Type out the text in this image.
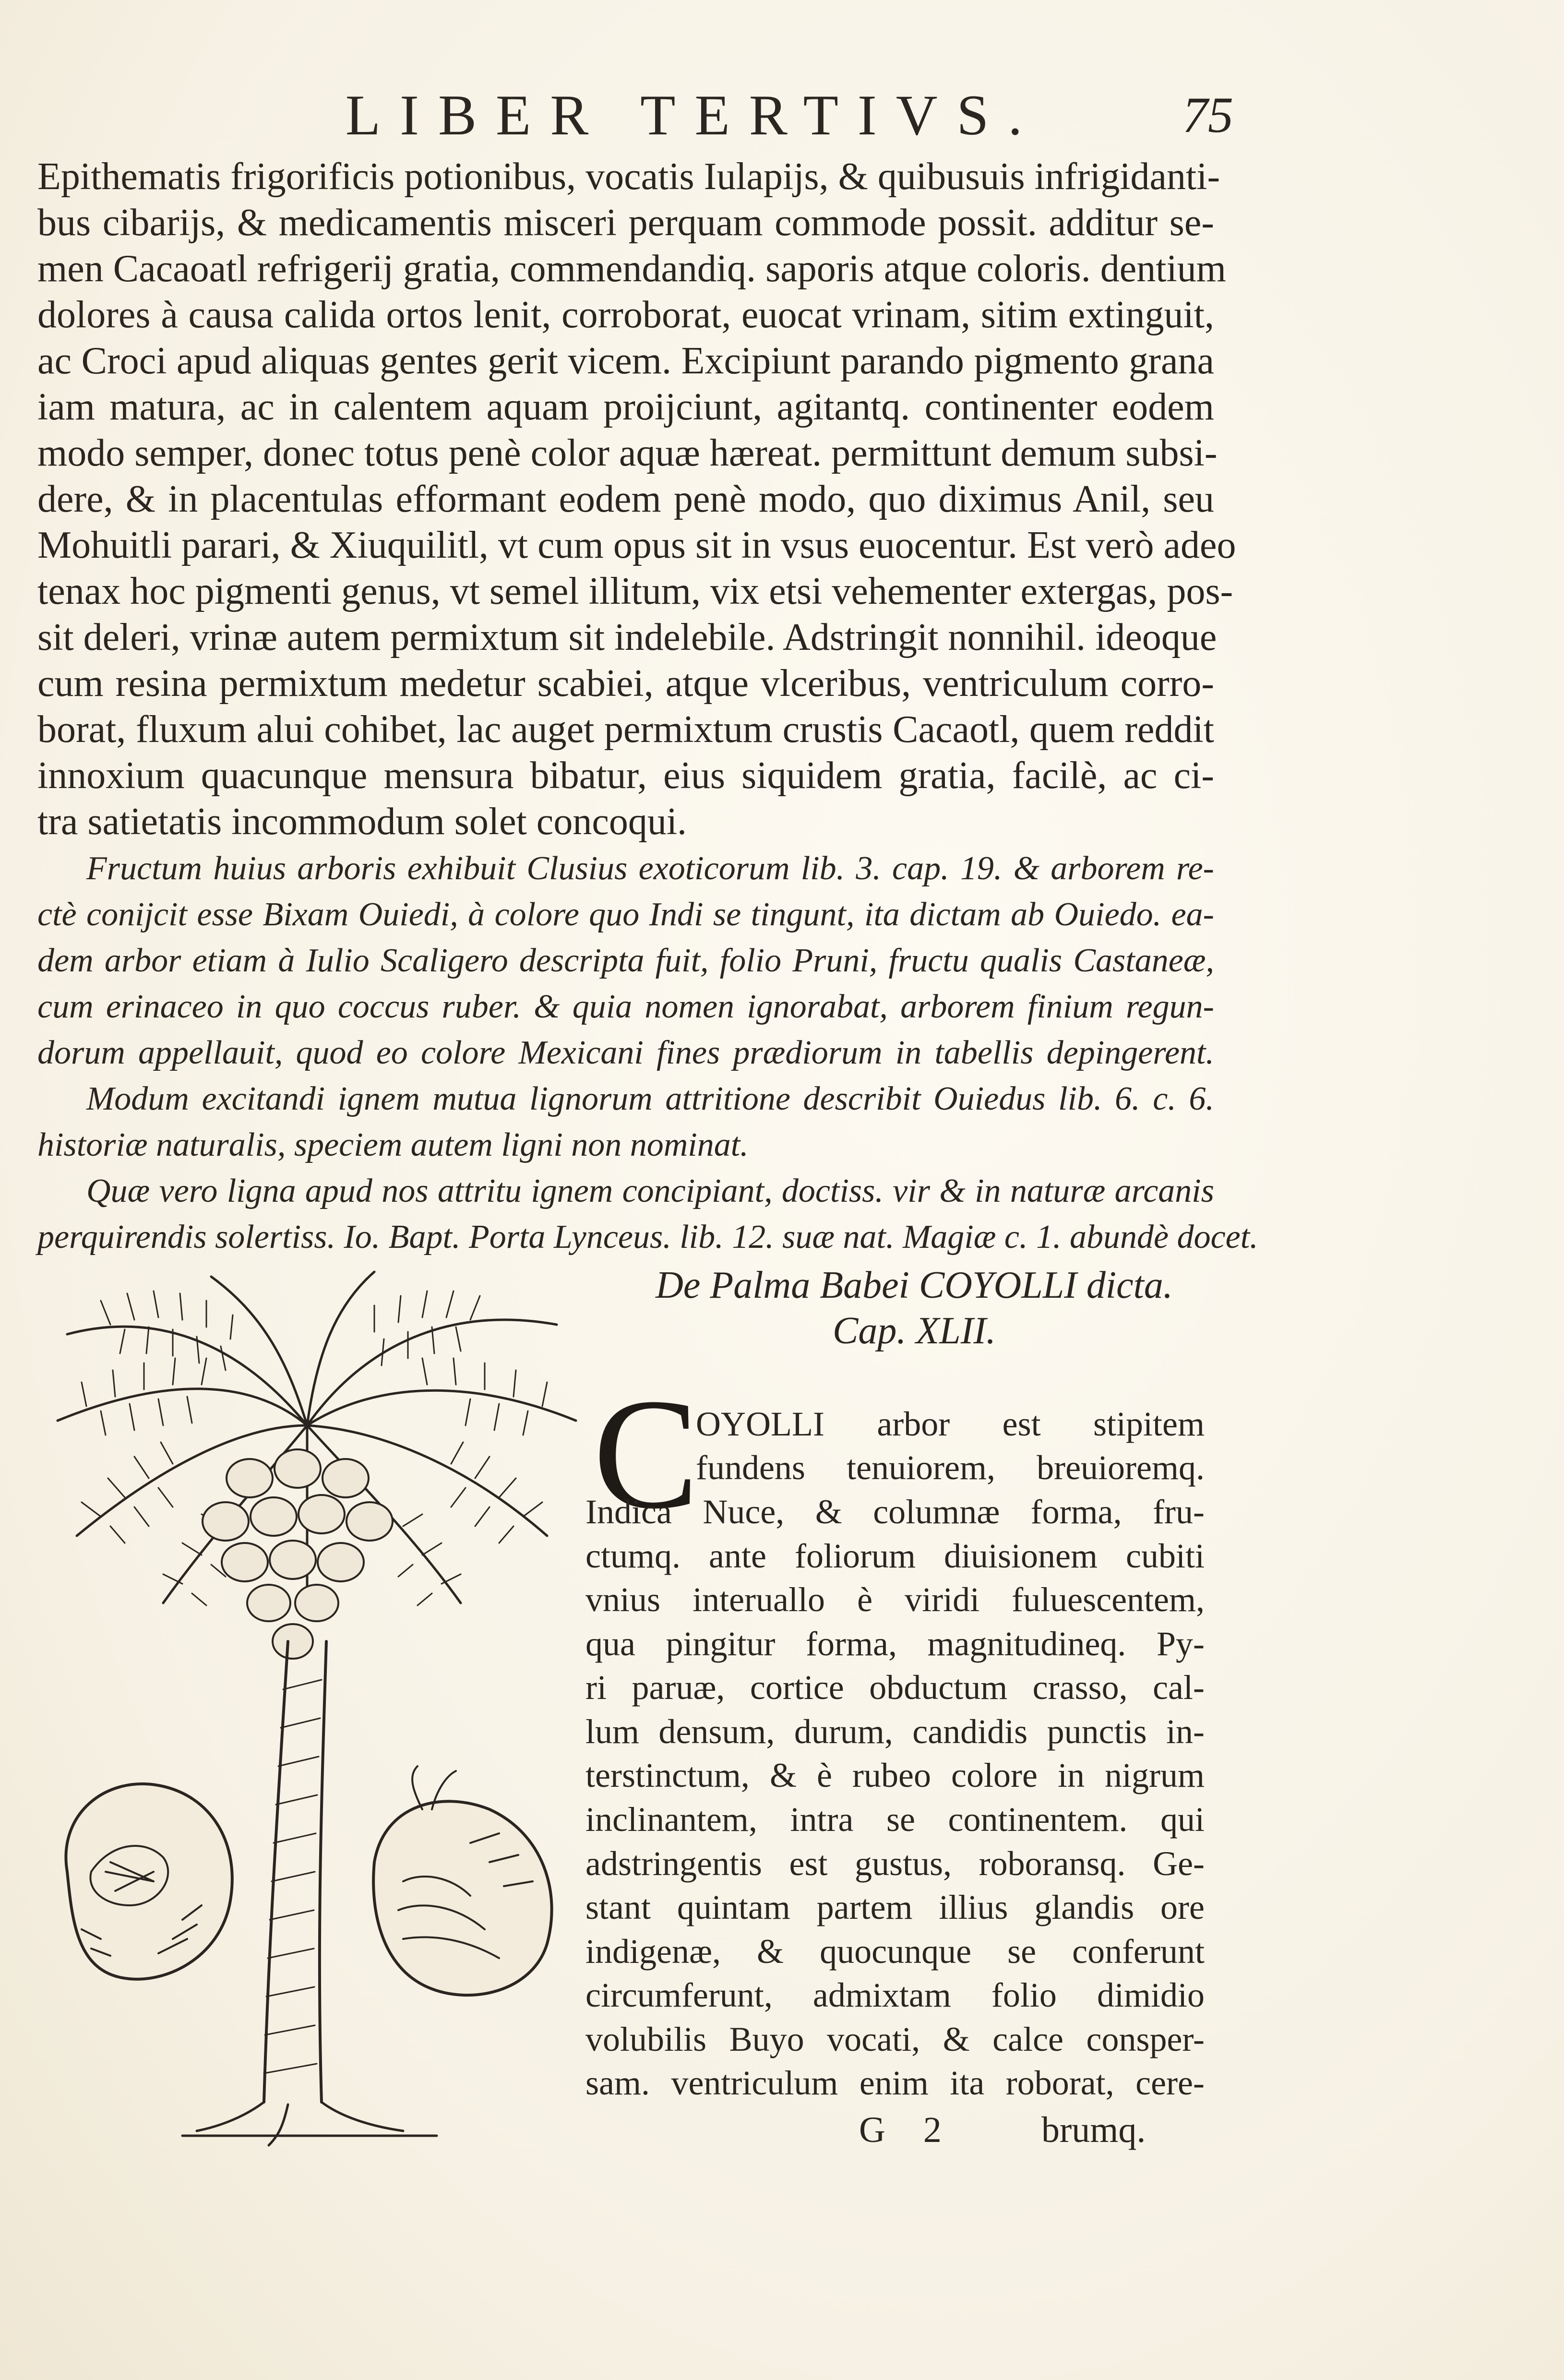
LIBER TERTIVS.	75
Epithematis frigorificis potionibus, vocatis Iulapijs, & quibusuis infrigidanti-
bus cibarijs, & medicamentis misceri perquam commode possit. additur se-
men Cacaoatl refrigerij gratia, commendandiq. saporis atque coloris. dentium
dolores à causa calida ortos lenit, corroborat, euocat vrinam, sitim extinguit,
ac Croci apud aliquas gentes gerit vicem. Excipiunt parando pigmento grana
iam matura, ac in calentem aquam proijciunt, agitantq. continenter eodem
modo semper, donec totus penè color aquæ hæreat. permittunt demum subsi-
dere, & in placentulas efformant eodem penè modo, quo diximus Anil, seu
Mohuitli parari, & Xiuquilitl, vt cum opus sit in vsus euocentur. Est verò adeo
tenax hoc pigmenti genus, vt semel illitum, vix etsi vehementer extergas, pos-
sit deleri, vrinæ autem permixtum sit indelebile. Adstringit nonnihil. ideoque
cum resina permixtum medetur scabiei, atque vlceribus, ventriculum corro-
borat, fluxum alui cohibet, lac auget permixtum crustis Cacaotl, quem reddit
innoxium quacunque mensura bibatur, eius siquidem gratia, facilè, ac ci-
tra satietatis incommodum solet concoqui.
Fructum huius arboris exhibuit Clusius exoticorum lib. 3. cap. 19. & arborem re-
ctè conijcit esse Bixam Ouiedi, à colore quo Indi se tingunt, ita dictam ab Ouiedo. ea-
dem arbor etiam à Iulio Scaligero descripta fuit, folio Pruni, fructu qualis Castaneæ,
cum erinaceo in quo coccus ruber. & quia nomen ignorabat, arborem finium regun-
dorum appellauit, quod eo colore Mexicani fines prædiorum in tabellis depingerent.
Modum excitandi ignem mutua lignorum attritione describit Ouiedus lib. 6. c. 6.
historiæ naturalis, speciem autem ligni non nominat.
Quæ vero ligna apud nos attritu ignem concipiant, doctiss. vir & in naturæ arcanis
perquirendis solertiss. Io. Bapt. Porta Lynceus. lib. 12. suæ nat. Magiæ c. 1. abundè docet.
De Palma Babei COYOLLI dicta.
Cap. XLII.
C
OYOLLI arbor est stipitem
fundens tenuiorem, breuioremq.
Indica Nuce, & columnæ forma, fru-
ctumq. ante foliorum diuisionem cubiti
vnius interuallo è viridi fuluescentem,
qua pingitur forma, magnitudineq. Py-
ri paruæ, cortice obductum crasso, cal-
lum densum, durum, candidis punctis in-
terstinctum, & è rubeo colore in nigrum
inclinantem, intra se continentem. qui
adstringentis est gustus, roboransq. Ge-
stant quintam partem illius glandis ore
indigenæ, & quocunque se conferunt
circumferunt, admixtam folio dimidio
volubilis Buyo vocati, & calce consper-
sam. ventriculum enim ita roborat, cere-
G 2 brumq.
